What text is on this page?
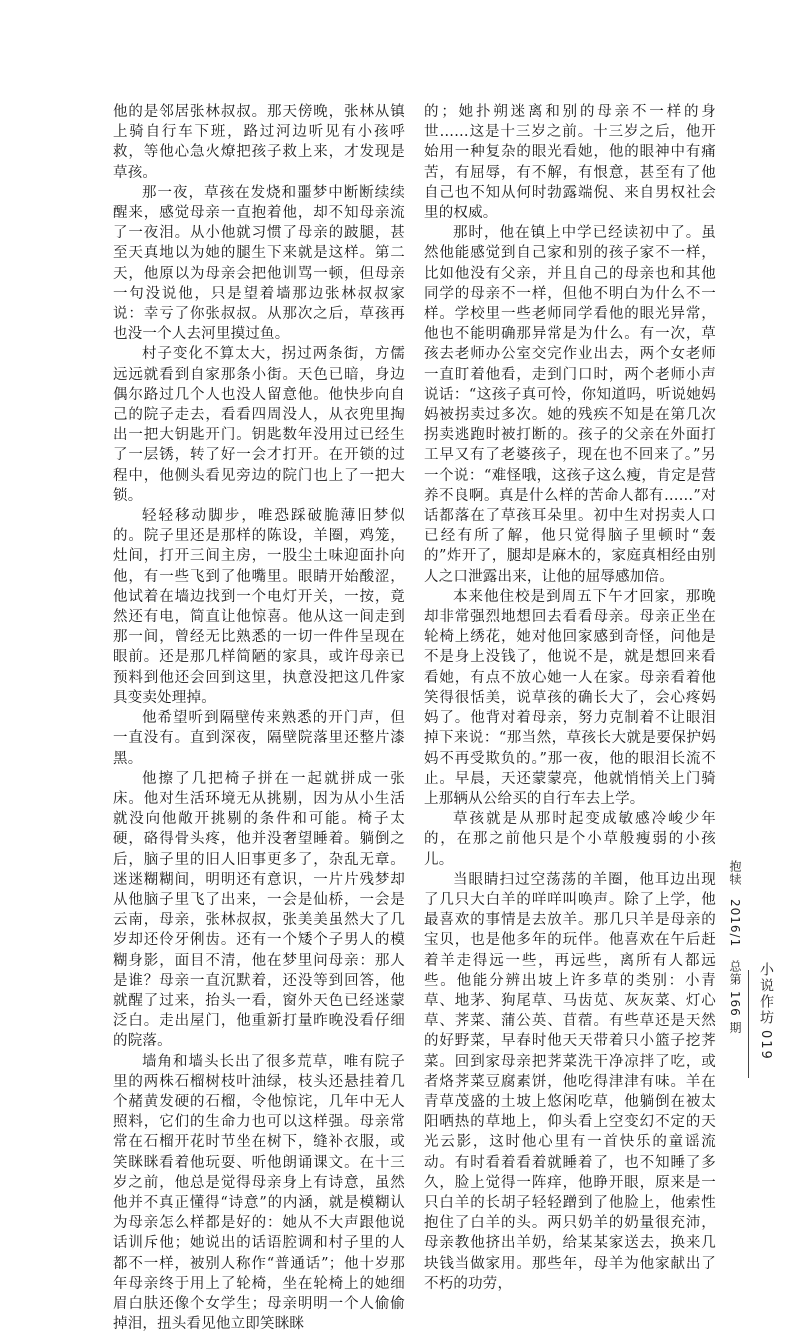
他的是邻居张林叔叔。那天傍晚，张林从镇上骑自行车下班，路过河边听见有小孩呼救，等他心急火燎把孩子救上来，才发现是草孩。

那一夜，草孩在发烧和噩梦中断断续续醒来，感觉母亲一直抱着他，却不知母亲流了一夜泪。从小他就习惯了母亲的跛腿，甚至天真地以为她的腿生下来就是这样。第二天，他原以为母亲会把他训骂一顿，但母亲一句没说他，只是望着墙那边张林叔叔家说：幸亏了你张叔叔。从那次之后，草孩再也没一个人去河里摸过鱼。

村子变化不算太大，拐过两条街，方儒远远就看到自家那条小街。天色已暗，身边偶尔路过几个人也没人留意他。他快步向自己的院子走去，看看四周没人，从衣兜里掏出一把大钥匙开门。钥匙数年没用过已经生了一层锈，转了好一会才打开。在开锁的过程中，他侧头看见旁边的院门也上了一把大锁。

轻轻移动脚步，唯恐踩破脆薄旧梦似的。院子里还是那样的陈设，羊圈，鸡笼，灶间，打开三间主房，一股尘土味迎面扑向他，有一些飞到了他嘴里。眼睛开始酸涩，他试着在墙边找到一个电灯开关，一按，竟然还有电，简直让他惊喜。他从这一间走到那一间，曾经无比熟悉的一切一件件呈现在眼前。还是那几样简陋的家具，或许母亲已预料到他还会回到这里，执意没把这几件家具变卖处理掉。

他希望听到隔壁传来熟悉的开门声，但一直没有。直到深夜，隔壁院落里还整片漆黑。

他擦了几把椅子拼在一起就拼成一张床。他对生活环境无从挑剔，因为从小生活就没向他敞开挑剔的条件和可能。椅子太硬，硌得骨头疼，他并没奢望睡着。躺倒之后，脑子里的旧人旧事更多了，杂乱无章。迷迷糊糊间，明明还有意识，一片片残梦却从他脑子里飞了出来，一会是仙桥，一会是云南，母亲，张林叔叔，张美美虽然大了几岁却还伶牙俐齿。还有一个矮个子男人的模糊身影，面目不清，他在梦里问母亲：那人是谁？母亲一直沉默着，还没等到回答，他就醒了过来，抬头一看，窗外天色已经迷蒙泛白。走出屋门，他重新打量昨晚没看仔细的院落。

墙角和墙头长出了很多荒草，唯有院子里的两株石榴树枝叶油绿，枝头还悬挂着几个赭黄发硬的石榴，令他惊诧，几年中无人照料，它们的生命力也可以这样强。母亲常常在石榴开花时节坐在树下，缝补衣服，或笑眯眯看着他玩耍、听他朗诵课文。在十三岁之前，他总是觉得母亲身上有诗意，虽然他并不真正懂得“诗意”的内涵，就是模糊认为母亲怎么样都是好的：她从不大声跟他说话训斥他；她说出的话语腔调和村子里的人都不一样，被别人称作“普通话”；他十岁那年母亲终于用上了轮椅，坐在轮椅上的她细眉白肤还像个女学生；母亲明明一个人偷偷掉泪，扭头看见他立即笑眯眯

的；她扑朔迷离和别的母亲不一样的身世……这是十三岁之前。十三岁之后，他开始用一种复杂的眼光看她，他的眼神中有痛苦，有屈辱，有不解，有恨意，甚至有了他自己也不知从何时勃露端倪、来自男权社会里的权威。

那时，他在镇上中学已经读初中了。虽然他能感觉到自己家和别的孩子家不一样，比如他没有父亲，并且自己的母亲也和其他同学的母亲不一样，但他不明白为什么不一样。学校里一些老师同学看他的眼光异常，他也不能明确那异常是为什么。有一次，草孩去老师办公室交完作业出去，两个女老师一直盯着他看，走到门口时，两个老师小声说话：“这孩子真可怜，你知道吗，听说她妈妈被拐卖过多次。她的残疾不知是在第几次拐卖逃跑时被打断的。孩子的父亲在外面打工早又有了老婆孩子，现在也不回来了。”另一个说：“难怪哦，这孩子这么瘦，肯定是营养不良啊。真是什么样的苦命人都有……”对话都落在了草孩耳朵里。初中生对拐卖人口已经有所了解，他只觉得脑子里顿时“轰的”炸开了，腿却是麻木的，家庭真相经由别人之口泄露出来，让他的屈辱感加倍。

本来他住校是到周五下午才回家，那晚却非常强烈地想回去看看母亲。母亲正坐在轮椅上绣花，她对他回家感到奇怪，问他是不是身上没钱了，他说不是，就是想回来看看她，有点不放心她一人在家。母亲看着他笑得很恬美，说草孩的确长大了，会心疼妈妈了。他背对着母亲，努力克制着不让眼泪掉下来说：“那当然，草孩长大就是要保护妈妈不再受欺负的。”那一夜，他的眼泪长流不止。早晨，天还蒙蒙亮，他就悄悄关上门骑上那辆从公给买的自行车去上学。

草孩就是从那时起变成敏感冷峻少年的，在那之前他只是个小草般瘦弱的小孩儿。

当眼睛扫过空荡荡的羊圈，他耳边出现了几只大白羊的咩咩叫唤声。除了上学，他最喜欢的事情是去放羊。那几只羊是母亲的宝贝，也是他多年的玩伴。他喜欢在午后赶着羊走得远一些，再远些，离所有人都远些。他能分辨出坡上许多草的类别：小青草、地茅、狗尾草、马齿苋、灰灰菜、灯心草、荠菜、蒲公英、苜蓿。有些草还是天然的好野菜，早春时他天天带着只小篮子挖荠菜。回到家母亲把荠菜洗干净凉拌了吃，或者烙荠菜豆腐素饼，他吃得津津有味。羊在青草茂盛的土坡上悠闲吃草，他躺倒在被太阳晒热的草地上，仰头看上空变幻不定的天光云影，这时他心里有一首快乐的童谣流动。有时看着看着就睡着了，也不知睡了多久，脸上觉得一阵痒，他睁开眼，原来是一只白羊的长胡子轻轻蹭到了他脸上，他索性抱住了白羊的头。两只奶羊的奶量很充沛，母亲教他挤出羊奶，给某某家送去，换来几块钱当做家用。那些年，母羊为他家献出了不朽的功劳，

抱犊 2016/1 总第 166 期 小说作坊
019
